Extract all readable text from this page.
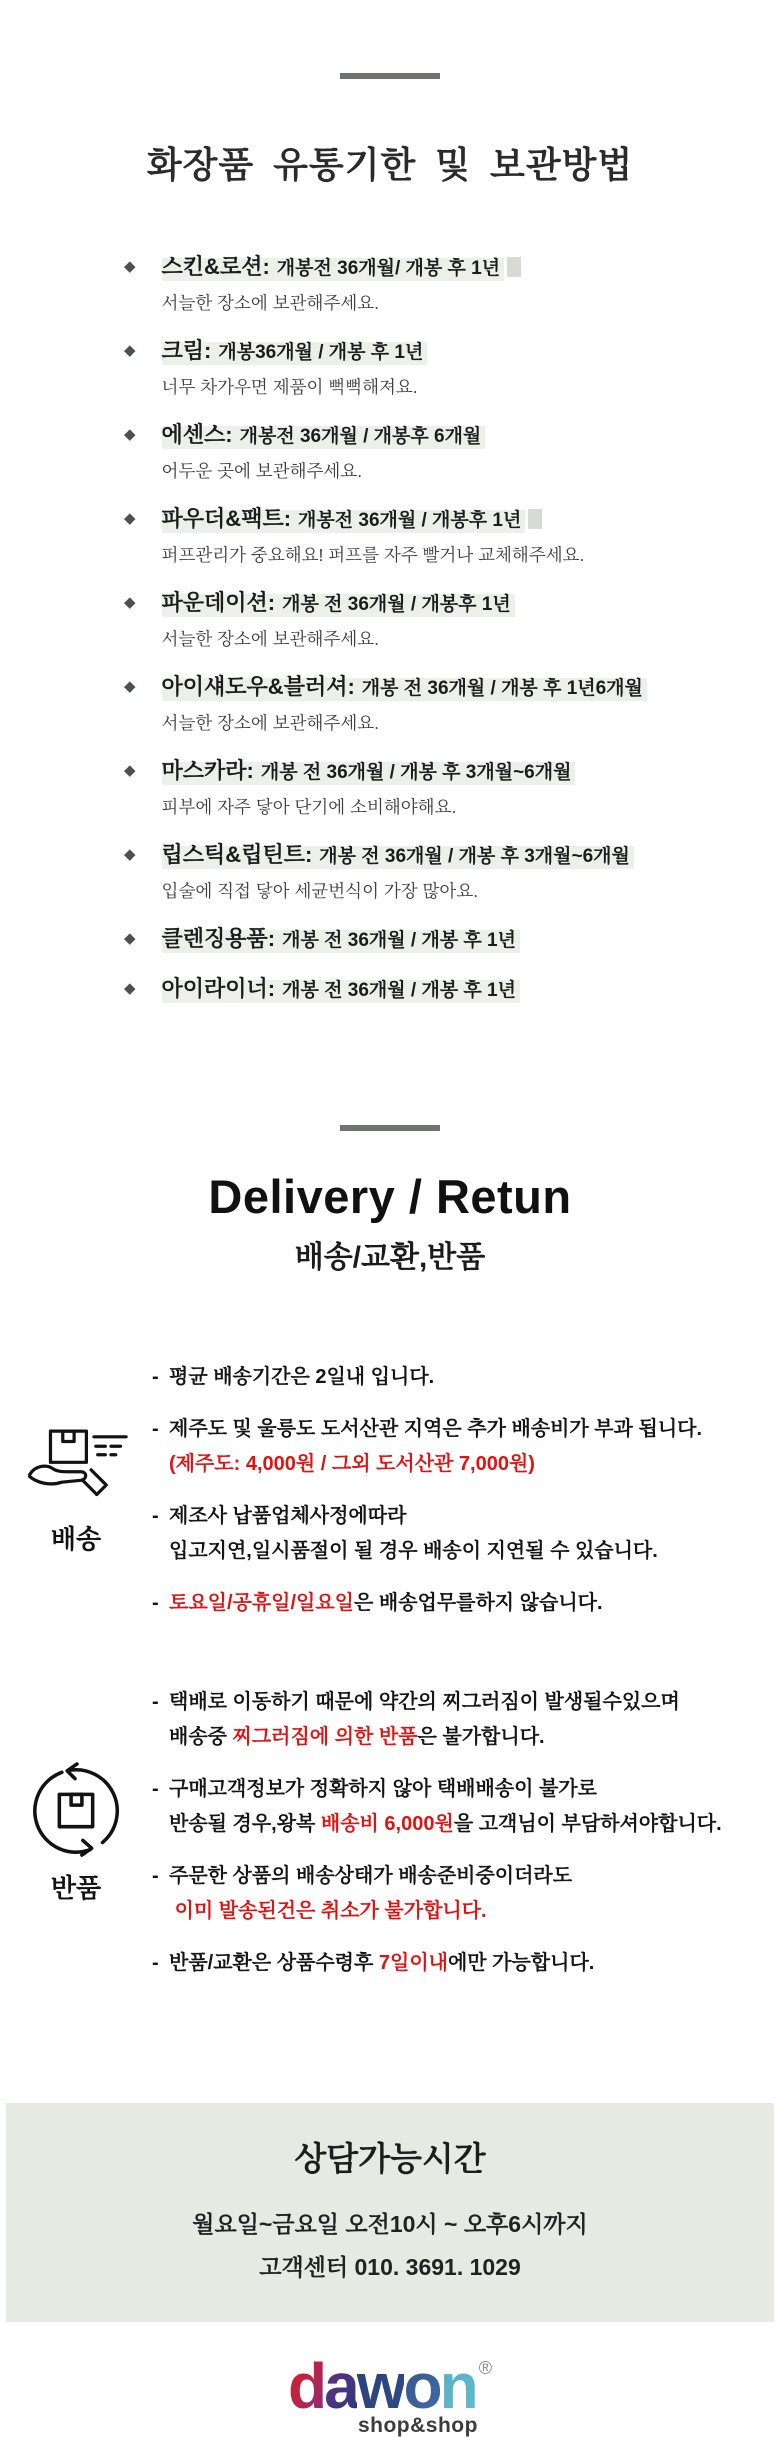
화장품 유통기한 및 보관방법
◆ 스킨&로션: 개봉전 36개월/ 개봉 후 1년
서늘한 장소에 보관해주세요.
◆ 크림: 개봉36개월 / 개봉 후 1년
너무 차가우면 제품이 뻑뻑해져요.
◆ 에센스: 개봉전 36개월 / 개봉후 6개월
어두운 곳에 보관해주세요.
◆ 파우더&팩트: 개봉전 36개월 / 개봉후 1년
퍼프관리가 중요해요! 퍼프를 자주 빨거나 교체해주세요.
◆ 파운데이션: 개봉 전 36개월 / 개봉후 1년
서늘한 장소에 보관해주세요.
◆ 아이섀도우&블러셔: 개봉 전 36개월 / 개봉 후 1년6개월
서늘한 장소에 보관해주세요.
◆ 마스카라: 개봉 전 36개월 / 개봉 후 3개월~6개월
피부에 자주 닿아 단기에 소비해야해요.
◆ 립스틱&립틴트: 개봉 전 36개월 / 개봉 후 3개월~6개월
입술에 직접 닿아 세균번식이 가장 많아요.
◆ 클렌징용품: 개봉 전 36개월 / 개봉 후 1년
◆ 아이라이너: 개봉 전 36개월 / 개봉 후 1년
Delivery / Retun
배송/교환,반품
배송
- 평균 배송기간은 2일내 입니다.
- 제주도 및 울릉도 도서산관 지역은 추가 배송비가 부과 됩니다.
(제주도: 4,000원 / 그외 도서산관 7,000원)
- 제조사 납품업체사정에따라
입고지연,일시품절이 될 경우 배송이 지연될 수 있습니다.
- 토요일/공휴일/일요일은 배송업무를하지 않습니다.
반품
- 택배로 이동하기 때문에 약간의 찌그러짐이 발생될수있으며
배송중 찌그러짐에 의한 반품은 불가합니다.
- 구매고객정보가 정확하지 않아 택배배송이 불가로
반송될 경우,왕복 배송비 6,000원을 고객님이 부담하셔야합니다.
- 주문한 상품의 배송상태가 배송준비중이더라도
이미 발송된건은 취소가 불가합니다.
- 반품/교환은 상품수령후 7일이내에만 가능합니다.
상담가능시간
월요일~금요일 오전10시 ~ 오후6시까지
고객센터 010. 3691. 1029
dawon ®
shop&shop
